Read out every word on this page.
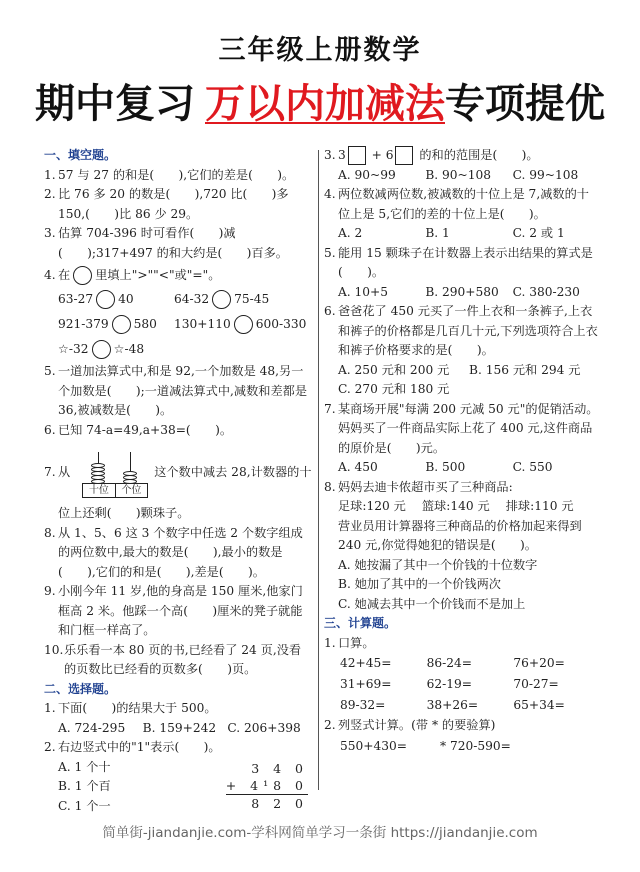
三年级上册数学
期中复习 万以内加减法专项提优
一、填空题。
1. 57 与 27 的和是(　　),它们的差是(　　)。
2. 比 76 多 20 的数是(　　),720 比(　　)多 150,(　　)比 86 少 29。
3. 估算 704-396 时可看作(　　)减(　　);317+497 的和大约是(　　)百多。
4. 在 里填上">""<"或"="。
63-27 40	64-32 75-45
921-379 580	130+110 600-330
☆-32 ☆-48
5. 一道加法算式中,和是 92,一个加数是 48,另一个加数是(　　);一道减法算式中,减数和差都是 36,被减数是(　　)。
6. 已知 74-a=49,a+38=(　　)。
7. 从
十位	个位
这个数中减去 28,计数器的十
位上还剩(　　)颗珠子。
8. 从 1、5、6 这 3 个数字中任选 2 个数字组成的两位数中,最大的数是(　　),最小的数是(　　),它们的和是(　　),差是(　　)。
9. 小刚今年 11 岁,他的身高是 150 厘米,他家门框高 2 米。他踩一个高(　　)厘米的凳子就能和门框一样高了。
10. 乐乐看一本 80 页的书,已经看了 24 页,没看的页数比已经看的页数多(　　)页。
二、选择题。
1. 下面(　　)的结果大于 500。
A. 724-295	B. 159+242 C. 206+398
2. 右边竖式中的"1"表示(　　)。
A. 1 个十
B. 1 个百
C. 1 个一
3 4 0
+ 4¹8 0
8 2 0
3. 3 + 6 的和的范围是(　　)。
A. 90~99	B. 90~108	C. 99~108
4. 两位数减两位数,被减数的十位上是 7,减数的十位上是 5,它们的差的十位上是(　　)。
A. 2	B. 1	C. 2 或 1
5. 能用 15 颗珠子在计数器上表示出结果的算式是(　　)。
A. 10+5	B. 290+580	C. 380-230
6. 爸爸花了 450 元买了一件上衣和一条裤子,上衣和裤子的价格都是几百几十元,下列选项符合上衣和裤子价格要求的是(　　)。
A. 250 元和 200 元	B. 156 元和 294 元
C. 270 元和 180 元
7. 某商场开展"每满 200 元减 50 元"的促销活动。妈妈买了一件商品实际上花了 400 元,这件商品的原价是(　　)元。
A. 450	B. 500	C. 550
8. 妈妈去迪卡侬超市买了三种商品:
足球:120 元　 篮球:140 元　 排球:110 元
营业员用计算器将三种商品的价格加起来得到 240 元,你觉得她犯的错误是(　　)。
A. 她按漏了其中一个价钱的十位数字
B. 她加了其中的一个价钱两次
C. 她减去其中一个价钱而不是加上
三、计算题。
1. 口算。
42+45=	86-24=	76+20=
31+69=	62-19=	70-27=
89-32=	38+26=	65+34=
2. 列竖式计算。(带 * 的要验算)
550+430=	* 720-590=
简单街-jiandanjie.com-学科网简单学习一条街 https://jiandanjie.com
